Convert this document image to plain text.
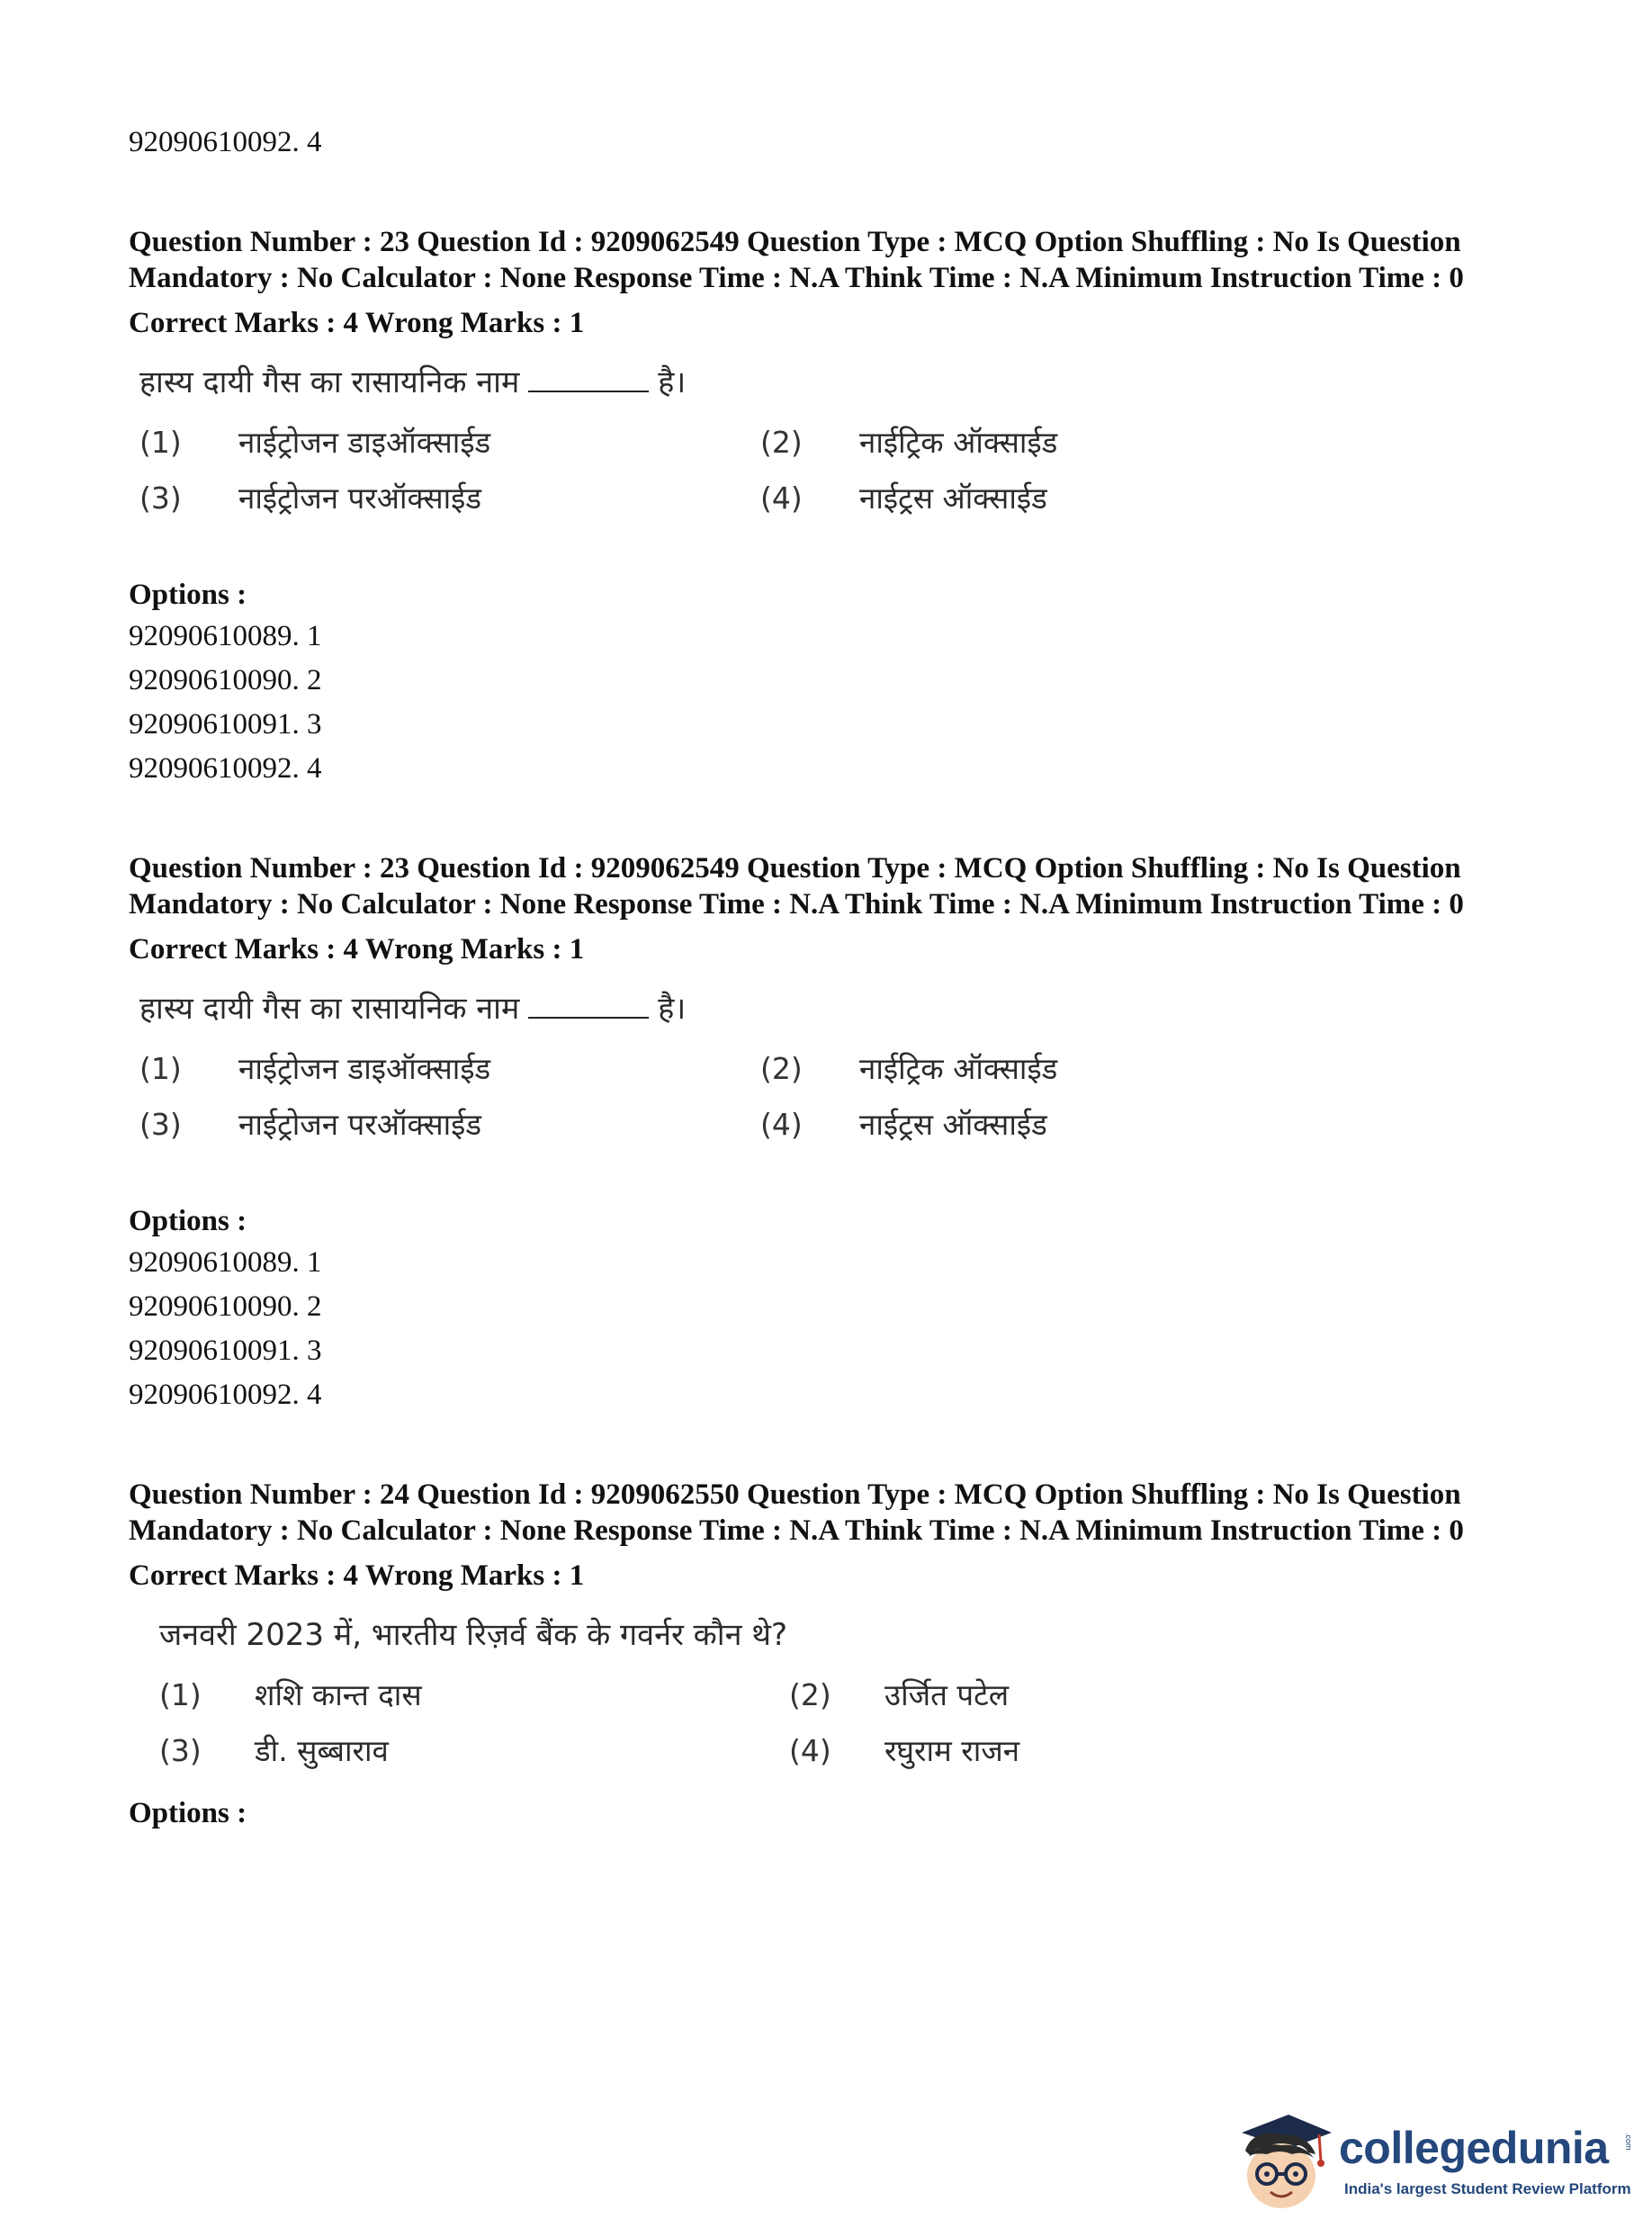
92090610092. 4
Question Number : 23 Question Id : 9209062549 Question Type : MCQ Option Shuffling : No Is Question Mandatory : No Calculator : None Response Time : N.A Think Time : N.A Minimum Instruction Time : 0
Correct Marks : 4 Wrong Marks : 1
हास्य दायी गैस का रासायनिक नाम	है।
(1)	नाईट्रोजन डाइऑक्साईड	(2)	नाईट्रिक ऑक्साईड
(3)	नाईट्रोजन परऑक्साईड	(4)	नाईट्रस ऑक्साईड
Options :
92090610089. 1
92090610090. 2
92090610091. 3
92090610092. 4
Question Number : 23 Question Id : 9209062549 Question Type : MCQ Option Shuffling : No Is Question Mandatory : No Calculator : None Response Time : N.A Think Time : N.A Minimum Instruction Time : 0
Correct Marks : 4 Wrong Marks : 1
हास्य दायी गैस का रासायनिक नाम	है।
(1)	नाईट्रोजन डाइऑक्साईड	(2)	नाईट्रिक ऑक्साईड
(3)	नाईट्रोजन परऑक्साईड	(4)	नाईट्रस ऑक्साईड
Options :
92090610089. 1
92090610090. 2
92090610091. 3
92090610092. 4
Question Number : 24 Question Id : 9209062550 Question Type : MCQ Option Shuffling : No Is Question Mandatory : No Calculator : None Response Time : N.A Think Time : N.A Minimum Instruction Time : 0
Correct Marks : 4 Wrong Marks : 1
जनवरी 2023 में, भारतीय रिज़र्व बैंक के गवर्नर कौन थे?
(1)	शशि कान्त दास	(2)	उर्जित पटेल
(3)	डी. सुब्बाराव	(4)	रघुराम राजन
Options :
collegedunia .com
India's largest Student Review Platform
